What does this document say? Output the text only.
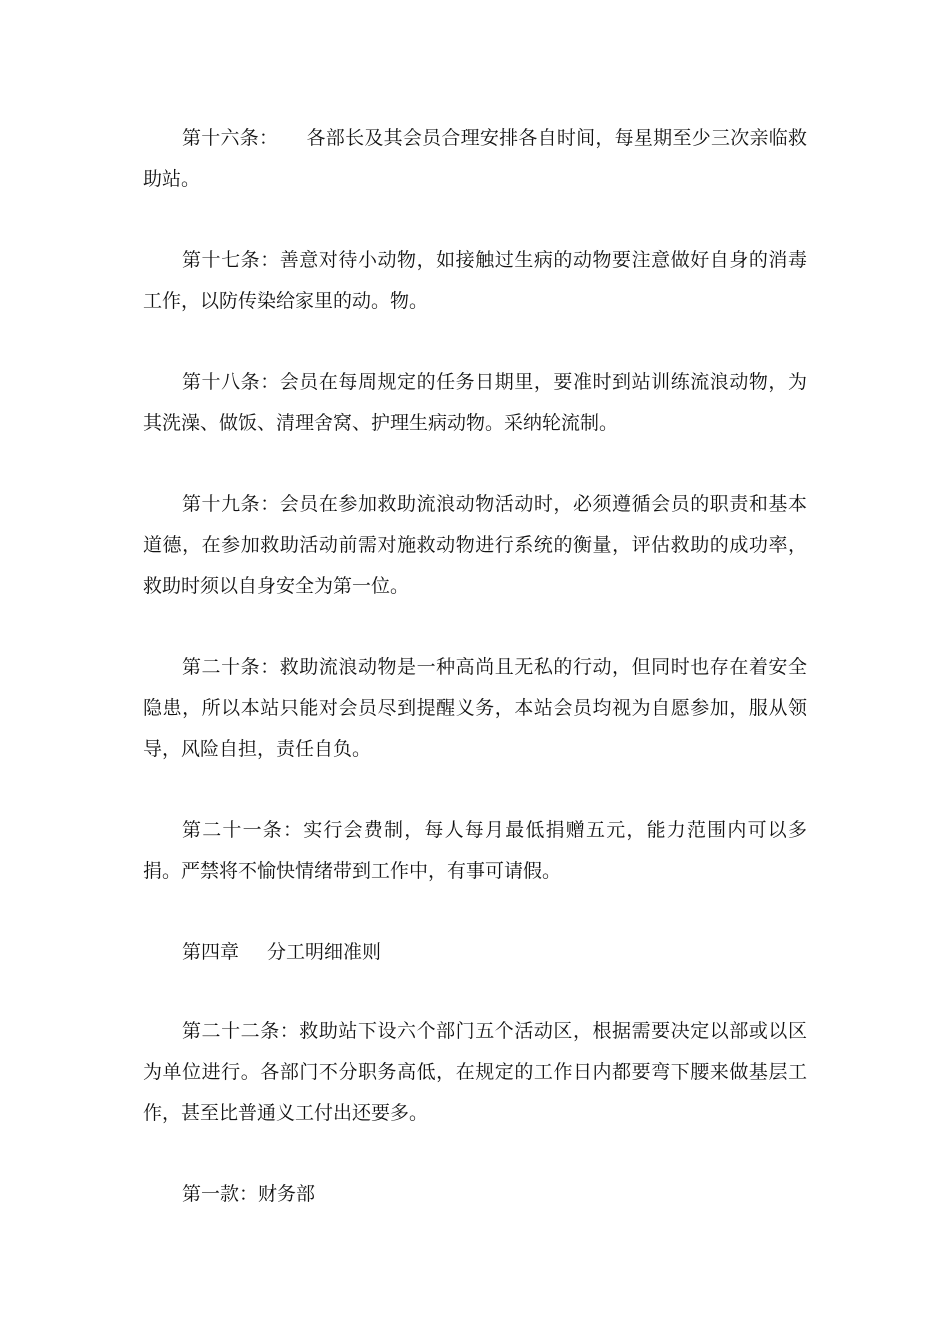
第十六条： 各部长及其会员合理安排各自时间，每星期至少三次亲临救助站。

第十七条：善意对待小动物，如接触过生病的动物要注意做好自身的消毒工作，以防传染给家里的动。物。

第十八条：会员在每周规定的任务日期里，要准时到站训练流浪动物，为其洗澡、做饭、清理舍窝、护理生病动物。采纳轮流制。

第十九条：会员在参加救助流浪动物活动时，必须遵循会员的职责和基本道德，在参加救助活动前需对施救动物进行系统的衡量，评估救助的成功率，救助时须以自身安全为第一位。

第二十条：救助流浪动物是一种高尚且无私的行动，但同时也存在着安全隐患，所以本站只能对会员尽到提醒义务，本站会员均视为自愿参加，服从领导，风险自担，责任自负。

第二十一条：实行会费制，每人每月最低捐赠五元，能力范围内可以多捐。严禁将不愉快情绪带到工作中，有事可请假。

第四章 分工明细准则

第二十二条：救助站下设六个部门五个活动区，根据需要决定以部或以区为单位进行。各部门不分职务高低，在规定的工作日内都要弯下腰来做基层工作，甚至比普通义工付出还要多。

第一款：财务部
